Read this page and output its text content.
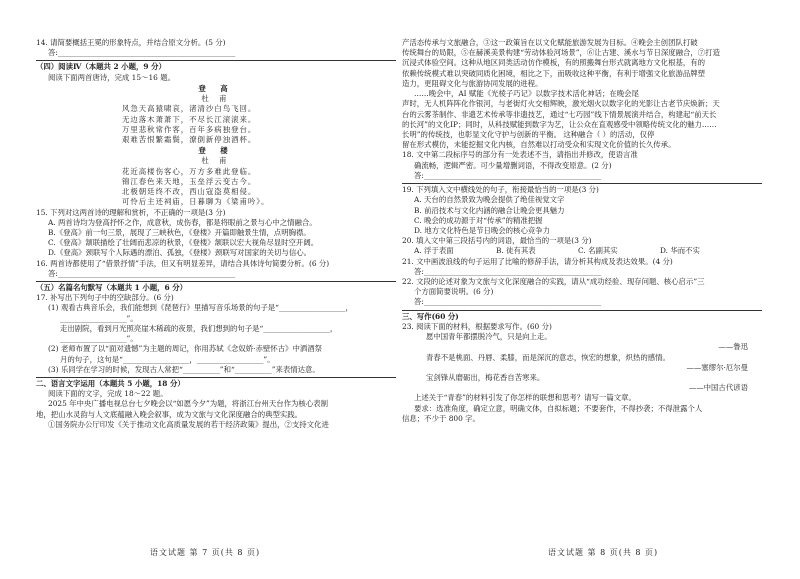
14. 请简要概括王冕的形象特点，并结合原文分析。(5 分)
答:________________________________________________
（四）阅读Ⅳ（本题共 2 小题，9 分）
阅读下面两首唐诗，完成 15～16 题。
登 高
杜 甫
风急天高猿啸哀，渚清沙白鸟飞回。
无边落木萧萧下，不尽长江滚滚来。
万里悲秋常作客，百年多病独登台。
艰难苦恨繁霜鬓，潦倒新停浊酒杯。
登 楼
杜 甫
花近高楼伤客心，万方多难此登临。
锦江春色来天地，玉垒浮云变古今。
北极朝廷终不改，西山寇盗莫相侵。
可怜后主还祠庙，日暮聊为《梁甫吟》。
15. 下列对这两首诗的理解和赏析，不正确的一项是(3 分)
A. 两首诗均为登高抒怀之作，成意秋，成伤春，都是将眼前之景与心中之情融合。
B.《登高》前一句三景，展现了三峡秋色，《登楼》开篇即触景生情，点明胸襟。
C.《登高》颔联描绘了壮阔而悲凉的秋景，《登楼》颔联以宏大视角尽显时空开阔。
D.《登高》颈联写个人际遇的漂泊、孤独，《登楼》颈联写对国家的关切与信心。
16. 两首诗都使用了“借景抒情”手法，但又有明显差异，请结合具体诗句简要分析。(6 分)
答:________________________________________________
（五）名篇名句默写（本题共 1 小题，6 分）
17. 补写出下列句子中的空缺部分。(6 分)
(1) 观看古典音乐会，我们能想到《琵琶行》里描写音乐场景的句子是“__________________，
__________________”。
走出剧院，看到月光照亮崖木稀疏的夜景，我们想到的句子是“__________________，
__________________”。
(2) 老师布置了以“面对遗憾”为主题的周记，你用苏轼《念奴娇·赤壁怀古》中洒酒祭
月的句子，这句是“__________________，__________________”。
(3) 乐同学在学习的时候，发现古人常把“__________”和“__________”来表情达意。
二、语言文字运用（本题共 5 小题，18 分）
阅读下面的文字，完成 18～22 题。
2025 年中央广播电视总台七夕晚会以“如愿今夕”为题，将浙江台州天台作为核心表制
地，把山水灵韵与人文底蕴融入晚会叙事，成为文旅与文化深度融合的典型实践。
①国务院办公厅印发《关于推动文化高质量发展的若干经济政策》提出，②支持文化进
产活态传承与文旅融合，③这一政策旨在以文化赋能旅游发展为目标。④晚会主创团队打破
传统舞台的局限，⑤在赫溪美景构建“劳动体验河场景”，⑥让古建、溪水与节日深度融合，⑦打造
沉浸式体验空间。这种从地区同类活动仿作模板，有的照搬舞台形式就离地方文化根基，有的
依赖传统模式难以突破同质化困境，相比之下，而吸收这种平衡，有利于增强文化旅游品牌塑
造力，更阻碍文化与旅游协同发展的进程。
……晚会中，AI 赋能《光棱子巧记》以数字技术活化神话；在晚会尾
声时，无人机阵阵化作银河，与老街灯火交相辉映，激光烟火以数字化的光影让古老节庆焕新；天
台的云雾茶制作、非遗艺术传承等非遗技艺，通过“七巧园”线下情景展演并结合，构建起“前天长
的长河”的文化IP；同时，从科技赋能到数字为艺，让公众在直观感受中领略传统文化的魅力……
长明”的传统技，也彰显文化守护与创新的平衡。 这种融合（ ）的活动，仅停
留在形式模仿，未能挖掘文化内核，自然难以打动受众和实现文化价值的长久传承。
18. 文中第二段标序号的部分有一处表述不当，请指出并修改，使语言准
确流畅，逻辑严密。可少量增删词语，不得改变原意。(2 分)
答:________________________________________________
19. 下列填入文中横线处的句子，衔接最恰当的一项是(3 分)
A. 天台的自然景致为晚会提供了绝佳视觉文字
B. 前沿技术与文化内涵的融合让晚会更具魅力
C. 晚会的成功源于对“传承”的精准把握
D. 地方文化特色是节日晚会的核心竞争力
20. 填入文中第三段括号内的词语，最恰当的一项是(3 分)
A. 浮于表面	B. 徒有其表	C. 名副其实	D. 华而不实
21. 文中画波浪线的句子运用了比喻的修辞手法，请分析其构成及表达效果。(4 分)
答:________________________________________________
22. 文段的论述对象为文旅与文化深度融合的实践，请从“成功经验、现存问题、核心启示”三
个方面简要说明。(6 分)
答:________________________________________________
三、写作(60 分)
23. 阅读下面的材料，根据要求写作。(60 分)
愿中国青年都摆脱冷气，只是向上走。
——鲁迅
青春不是桃面、丹唇、柔膝，而是深沉的意志，恢宏的想象，炽热的感情。
——塞缪尔·厄尔曼
宝剑锋从磨砺出，梅花香自苦寒来。
——中国古代谚语
上述关于“青春”的材料引发了你怎样的联想和思考？请写一篇文章。
要求：选准角度，确定立意，明确文体，自拟标题；不要套作，不得抄袭；不得泄露个人
信息；不少于 800 字。
语文试题 第 7 页(共 8 页)	语文试题 第 8 页(共 8 页)
